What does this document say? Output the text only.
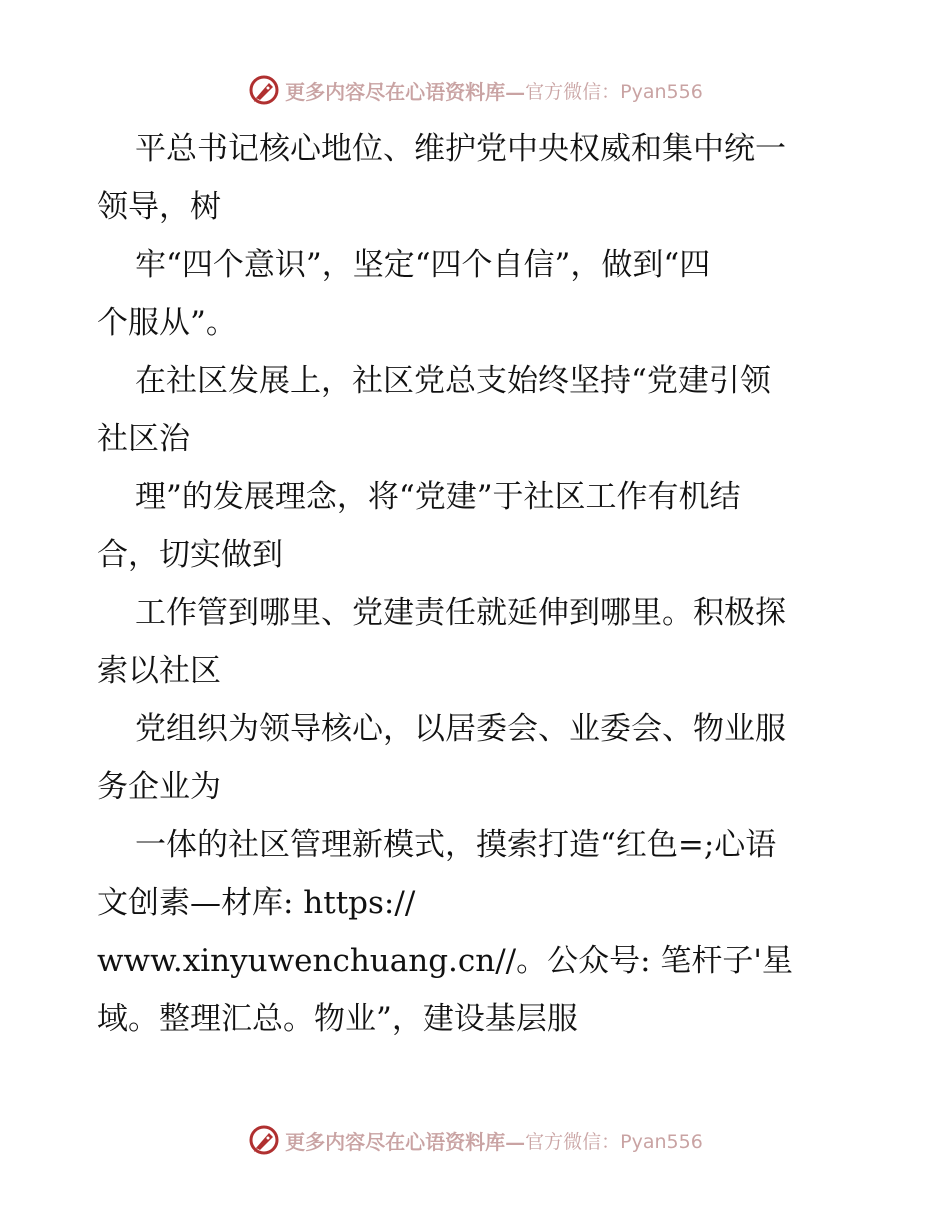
更多内容尽在心语资料库— 官方微信：Pyan556
平总书记核心地位、维护党中央权威和集中统一
领导，树
牢“四个意识”，坚定“四个自信”，做到“四
个服从”。
在社区发展上，社区党总支始终坚持“党建引领
社区治
理”的发展理念，将“党建”于社区工作有机结
合，切实做到
工作管到哪里、党建责任就延伸到哪里。积极探
索以社区
党组织为领导核心，以居委会、业委会、物业服
务企业为
一体的社区管理新模式，摸索打造“红色=;心语
文创素—材库: https://
www.xinyuwenchuang.cn//。公众号: 笔杆子'星
域。整理汇总。物业”，建设基层服
更多内容尽在心语资料库— 官方微信：Pyan556
